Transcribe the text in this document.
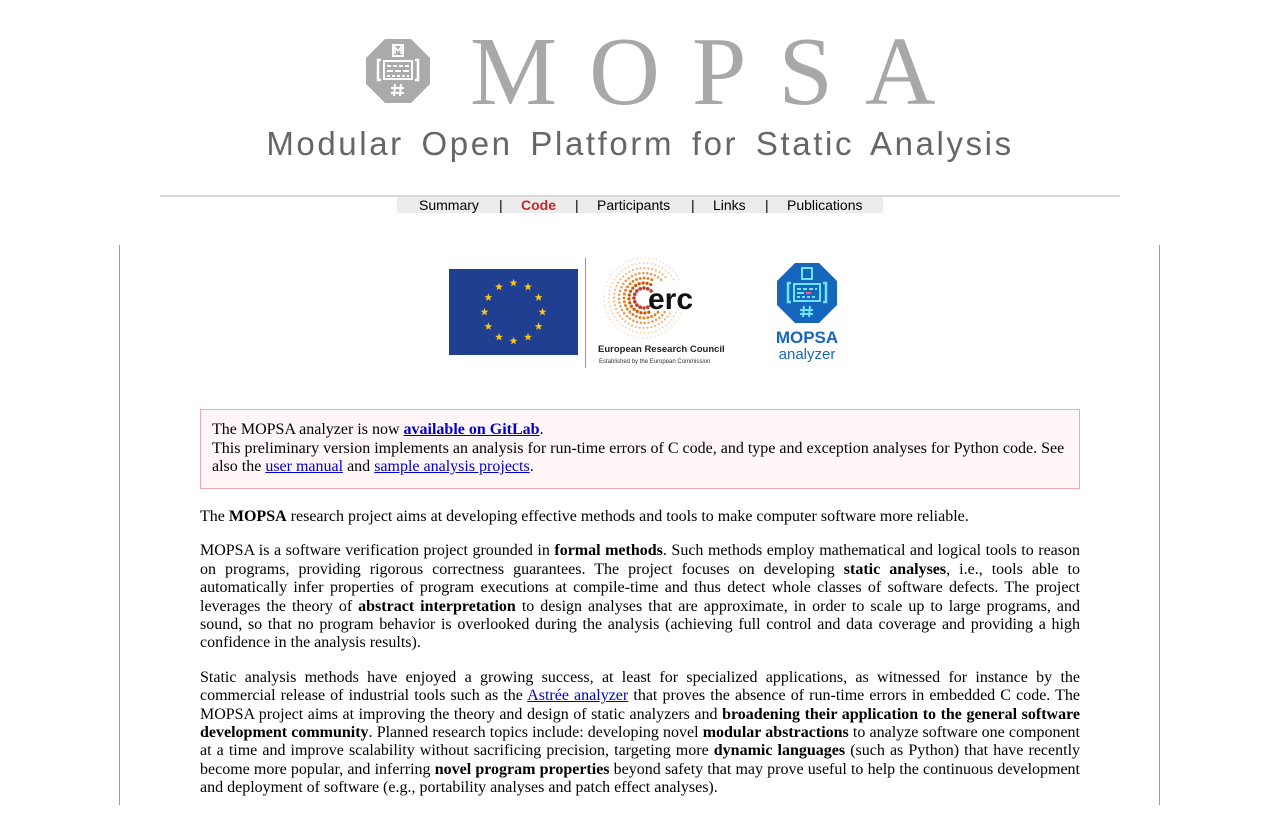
MOPSA
Modular Open Platform for Static Analysis
Summary | Code | Participants | Links | Publications
erc
European Research Council
Established by the European Commission
MOPSA
analyzer
The MOPSA analyzer is now available on GitLab.
This preliminary version implements an analysis for run-time errors of C code, and type and exception analyses for Python code. See also the user manual and sample analysis projects.

The MOPSA research project aims at developing effective methods and tools to make computer software more reliable.

MOPSA is a software verification project grounded in formal methods. Such methods employ mathematical and logical tools to reason on programs, providing rigorous correctness guarantees. The project focuses on developing static analyses, i.e., tools able to automatically infer properties of program executions at compile-time and thus detect whole classes of software defects. The project leverages the theory of abstract interpretation to design analyses that are approximate, in order to scale up to large programs, and sound, so that no program behavior is overlooked during the analysis (achieving full control and data coverage and providing a high confidence in the analysis results).

Static analysis methods have enjoyed a growing success, at least for specialized applications, as witnessed for instance by the commercial release of industrial tools such as the Astrée analyzer that proves the absence of run-time errors in embedded C code. The MOPSA project aims at improving the theory and design of static analyzers and broadening their application to the general software development community. Planned research topics include: developing novel modular abstractions to analyze software one component at a time and improve scalability without sacrificing precision, targeting more dynamic languages (such as Python) that have recently become more popular, and inferring novel program properties beyond safety that may prove useful to help the continuous development and deployment of software (e.g., portability analyses and patch effect analyses).
